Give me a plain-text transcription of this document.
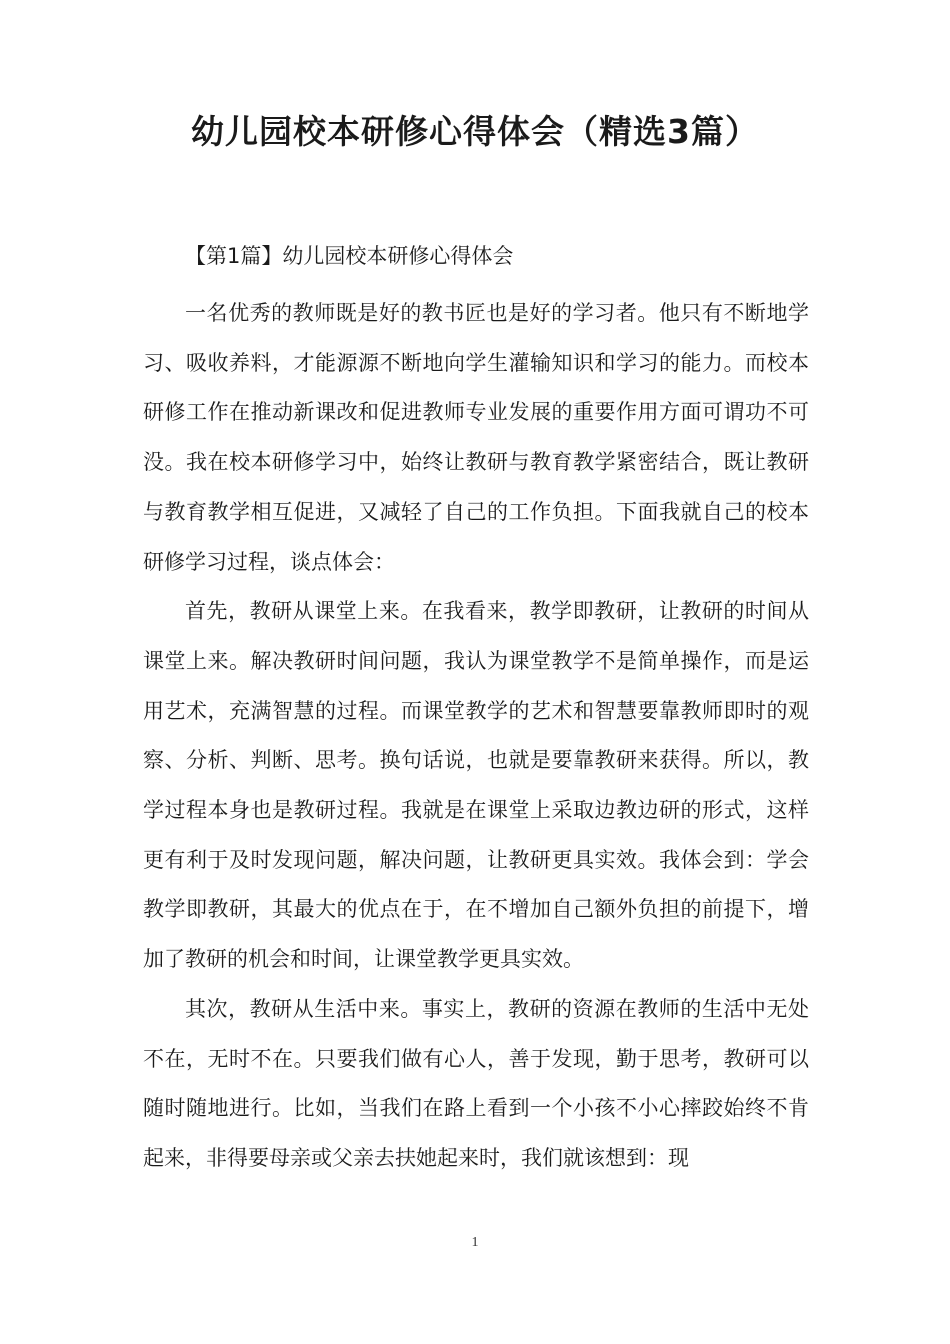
幼儿园校本研修心得体会（精选3篇）
【第1篇】幼儿园校本研修心得体会

一名优秀的教师既是好的教书匠也是好的学习者。他只有不断地学习、吸收养料，才能源源不断地向学生灌输知识和学习的能力。而校本研修工作在推动新课改和促进教师专业发展的重要作用方面可谓功不可没。我在校本研修学习中，始终让教研与教育教学紧密结合，既让教研与教育教学相互促进，又减轻了自己的工作负担。下面我就自己的校本研修学习过程，谈点体会：

首先，教研从课堂上来。在我看来，教学即教研，让教研的时间从课堂上来。解决教研时间问题，我认为课堂教学不是简单操作，而是运用艺术，充满智慧的过程。而课堂教学的艺术和智慧要靠教师即时的观察、分析、判断、思考。换句话说，也就是要靠教研来获得。所以，教学过程本身也是教研过程。我就是在课堂上采取边教边研的形式，这样更有利于及时发现问题，解决问题，让教研更具实效。我体会到：学会教学即教研，其最大的优点在于，在不增加自己额外负担的前提下，增加了教研的机会和时间，让课堂教学更具实效。

其次，教研从生活中来。事实上，教研的资源在教师的生活中无处不在，无时不在。只要我们做有心人，善于发现，勤于思考，教研可以随时随地进行。比如，当我们在路上看到一个小孩不小心摔跤始终不肯起来，非得要母亲或父亲去扶她起来时，我们就该想到：现

1
